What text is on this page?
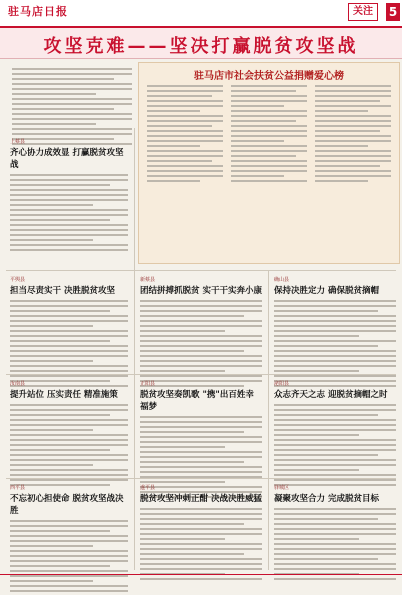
驻马店日报	关注	5
攻坚克难——坚决打赢脱贫攻坚战
驻马店市社会扶贫公益捐赠爱心榜
上蔡县
齐心协力成效显 打赢脱贫攻坚战
平舆县
担当尽责实干 决胜脱贫攻坚
新蔡县
团结拼搏抓脱贫 实干干实奔小康
确山县
保持决胜定力 确保脱贫摘帽
汝南县
提升站位 压实责任 精准施策
正阳县
脱贫攻坚奏凯歌 "携"出百姓幸福梦
泌阳县
众志齐天之志 迎脱贫摘帽之时
西平县
不忘初心担使命 脱贫攻坚战决胜
遂平县
脱贫攻坚冲刺正酣 决战决胜威猛
驿城区
凝聚攻坚合力 完成脱贫目标
